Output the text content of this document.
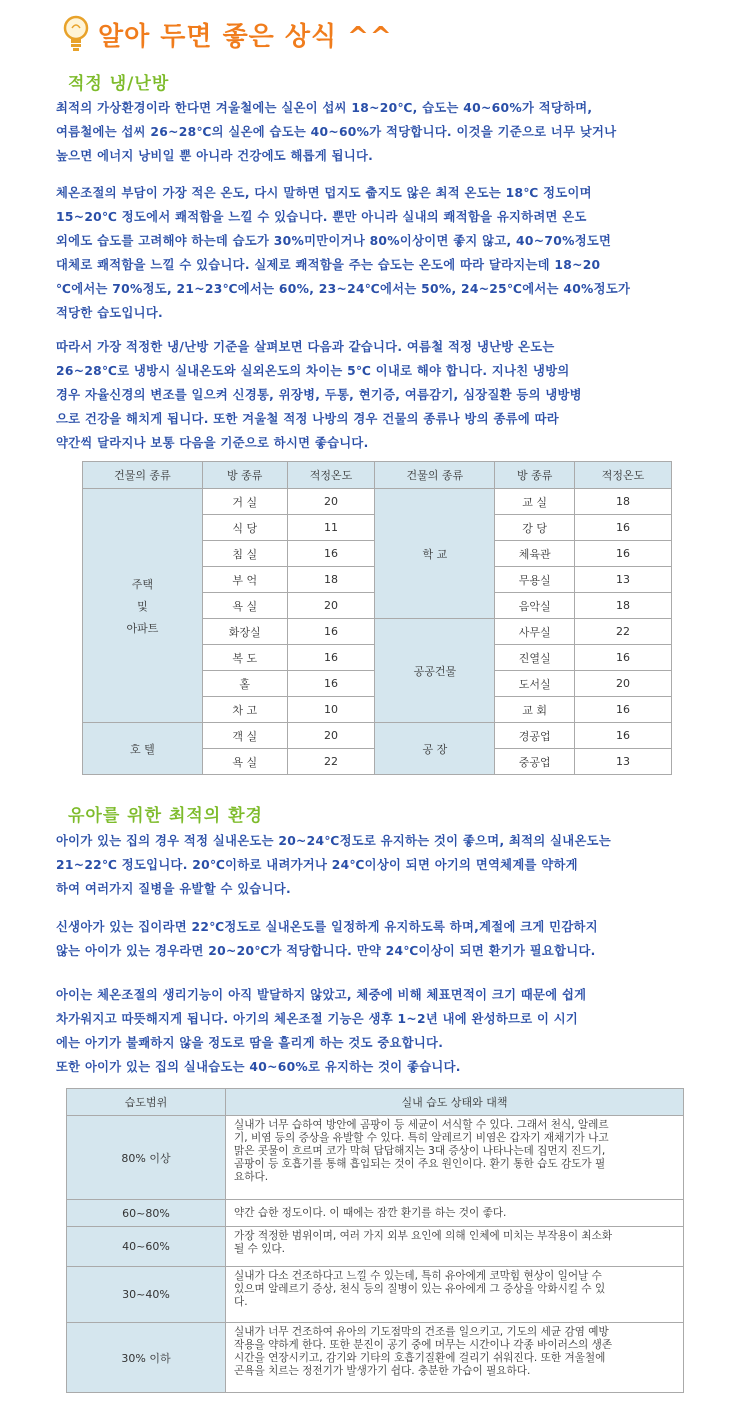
알아 두면 좋은 상식 ^^
적정 냉/난방

최적의 가상환경이라 한다면 겨울철에는 실온이 섭씨 18~20℃, 습도는 40~60%가 적당하며,

여름철에는 섭씨 26~28℃의 실온에 습도는 40~60%가 적당합니다. 이것을 기준으로 너무 낮거나

높으면 에너지 낭비일 뿐 아니라 건강에도 해롭게 됩니다.

체온조절의 부담이 가장 적은 온도, 다시 말하면 덥지도 춥지도 않은 최적 온도는 18℃ 정도이며

15~20℃ 정도에서 쾌적함을 느낄 수 있습니다. 뿐만 아니라 실내의 쾌적함을 유지하려면 온도

외에도 습도를 고려해야 하는데 습도가 30%미만이거나 80%이상이면 좋지 않고, 40~70%정도면

대체로 쾌적함을 느낄 수 있습니다. 실제로 쾌적함을 주는 습도는 온도에 따라 달라지는데 18~20

℃에서는 70%정도, 21~23℃에서는 60%, 23~24℃에서는 50%, 24~25℃에서는 40%정도가

적당한 습도입니다.

따라서 가장 적정한 냉/난방 기준을 살펴보면 다음과 같습니다. 여름철 적정 냉난방 온도는

26~28℃로 냉방시 실내온도와 실외온도의 차이는 5℃ 이내로 해야 합니다. 지나친 냉방의

경우 자율신경의 변조를 일으켜 신경통, 위장병, 두통, 현기증, 여름감기, 심장질환 등의 냉방병

으로 건강을 해치게 됩니다. 또한 겨울철 적정 나방의 경우 건물의 종류나 방의 종류에 따라

약간씩 달라지나 보통 다음을 기준으로 하시면 좋습니다.

건물의 종류	방 종류	적정온도	건물의 종류	방 종류	적정온도

주택
및
아파트	거 실	20	학 교	교 실	18
	식 당	11		강 당	16
	침 실	16		체육관	16
	부 억	18		무용실	13
	욕 실	20		음악실	18
	화장실	16	공공건물	사무실	22
	복 도	16		진열실	16
	홀	16		도서실	20
	차 고	10		교 회	16
호 텔	객 실	20	공 장	경공업	16
	욕 실	22		중공업	13
유아를 위한 최적의 환경

아이가 있는 집의 경우 적정 실내온도는 20~24℃정도로 유지하는 것이 좋으며, 최적의 실내온도는

21~22℃ 정도입니다. 20℃이하로 내려가거나 24℃이상이 되면 아기의 면역체계를 약하게

하여 여러가지 질병을 유발할 수 있습니다.

신생아가 있는 집이라면 22℃정도로 실내온도를 일정하게 유지하도록 하며,계절에 크게 민감하지

않는 아이가 있는 경우라면 20~20℃가 적당합니다. 만약 24℃이상이 되면 환기가 필요합니다.

아이는 체온조절의 생리기능이 아직 발달하지 않았고, 체중에 비해 체표면적이 크기 때문에 쉽게

차가워지고 따뜻해지게 됩니다. 아기의 체온조절 기능은 생후 1~2년 내에 완성하므로 이 시기

에는 아기가 불쾌하지 않을 정도로 땀을 흘리게 하는 것도 중요합니다.

또한 아이가 있는 집의 실내습도는 40~60%로 유지하는 것이 좋습니다.

습도범위	실내 습도 상태와 대책
80% 이상	실내가 너무 습하여 방안에 곰팡이 등 세균이 서식할 수 있다. 그래서 천식, 알레르
기, 비염 등의 증상을 유발할 수 있다. 특히 알레르기 비염은 갑자기 재채기가 나고
맑은 콧물이 흐르며 코가 막혀 답답해지는 3대 증상이 나타나는데 집먼지 진드기,
곰팡이 등 호흡기를 통해 흡입되는 것이 주요 원인이다. 환기 통한 습도 감도가 필
요하다.

60~80%	약간 습한 정도이다. 이 때에는 잠깐 환기를 하는 것이 좋다.

40~60%	가장 적정한 범위이며, 여러 가지 외부 요인에 의해 인체에 미치는 부작용이 최소화
될 수 있다.

30~40%	실내가 다소 건조하다고 느낄 수 있는데, 특히 유아에게 코막힘 현상이 일어날 수
있으며 알레르기 증상, 천식 등의 질병이 있는 유아에게 그 증상을 악화시킬 수 있
다.

30% 이하	실내가 너무 건조하여 유아의 기도점막의 건조를 일으키고, 기도의 세균 감염 예방
작용을 약하게 한다. 또한 분진이 공기 중에 머무는 시간이나 각종 바이러스의 생존
시간을 연장시키고, 감기와 기타의 호흡기질환에 걸리기 쉬워진다. 또한 겨울철에
곤욕을 치르는 정전기가 발생가기 쉽다. 충분한 가습이 필요하다.
